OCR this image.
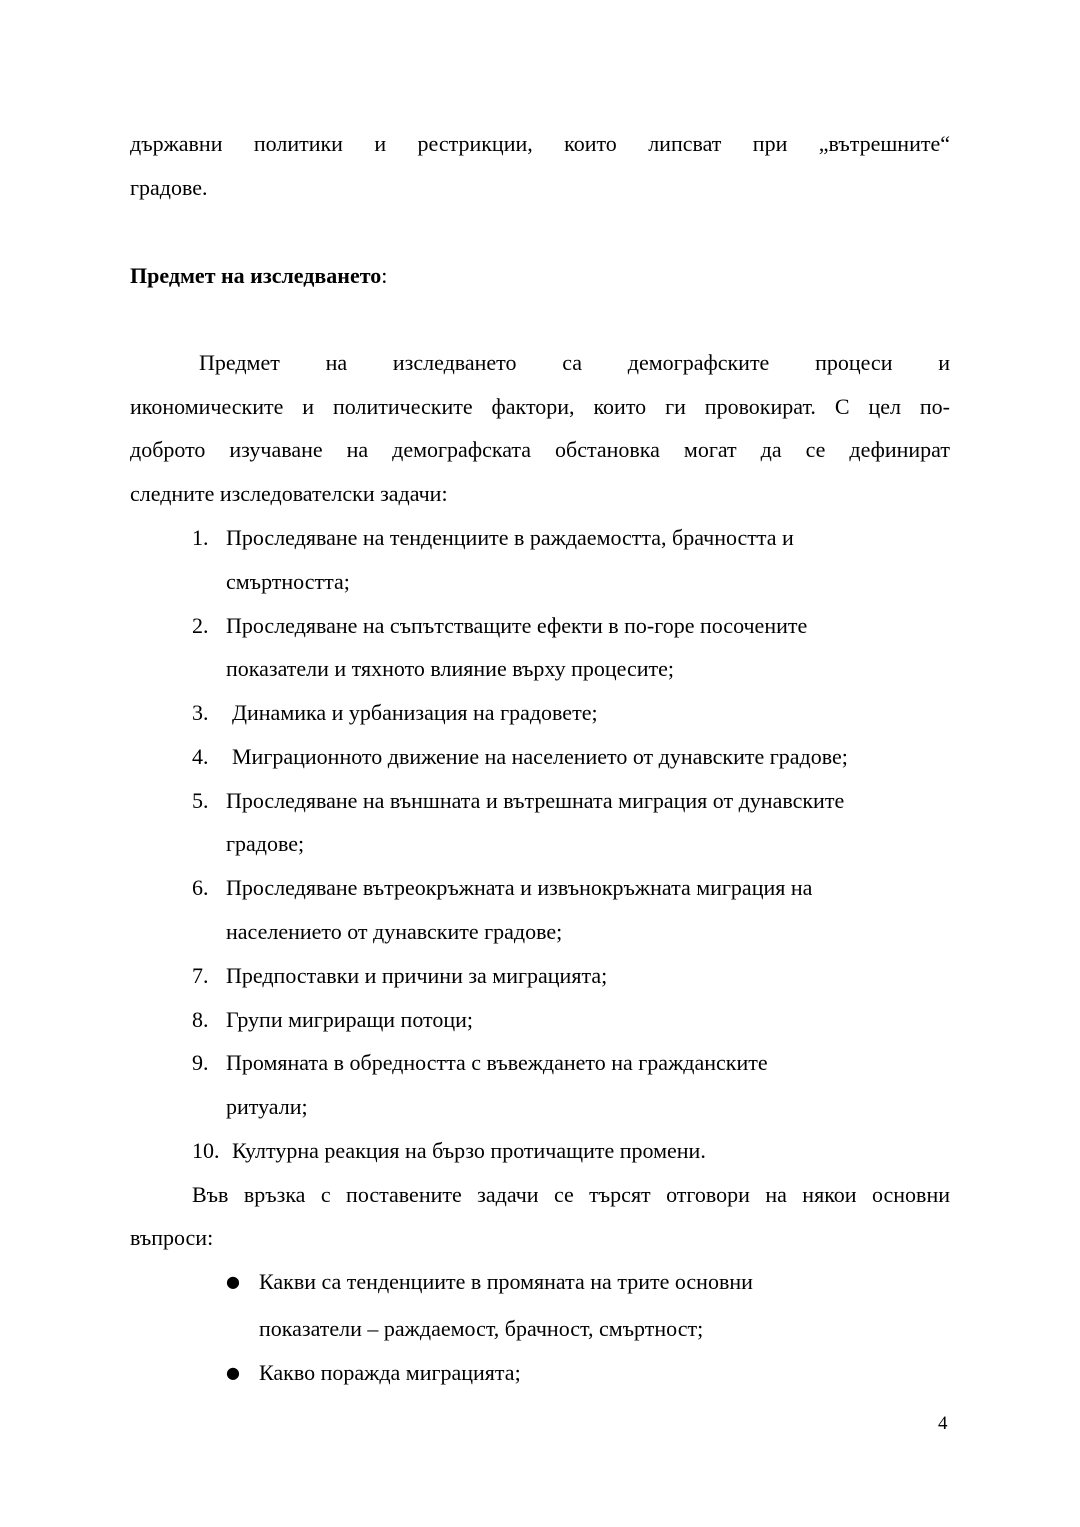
държавни политики и рестрикции, които липсват при „вътрешните“
градове.
Предмет на изследването:
Предмет на изследването са демографските процеси и
икономическите и политическите фактори, които ги провокират. С цел по-
доброто изучаване на демографската обстановка могат да се дефинират
следните изследователски задачи:
1. Проследяване на тенденциите в раждаемостта, брачността и
смъртността;
2. Проследяване на съпътстващите ефекти в по-горе посочените
показатели и тяхното влияние върху процесите;
3. Динамика и урбанизация на градовете;
4. Миграционното движение на населението от дунавските градове;
5. Проследяване на външната и вътрешната миграция от дунавските
градове;
6. Проследяване вътреокръжната и извънокръжната миграция на
населението от дунавските градове;
7. Предпоставки и причини за миграцията;
8. Групи мигриращи потоци;
9. Промяната в обредността с въвеждането на гражданските
ритуали;
10. Културна реакция на бързо протичащите промени.
Във връзка с поставените задачи се търсят отговори на някои основни
въпроси:
● Какви са тенденциите в промяната на трите основни
показатели – раждаемост, брачност, смъртност;
● Какво поражда миграцията;
4
